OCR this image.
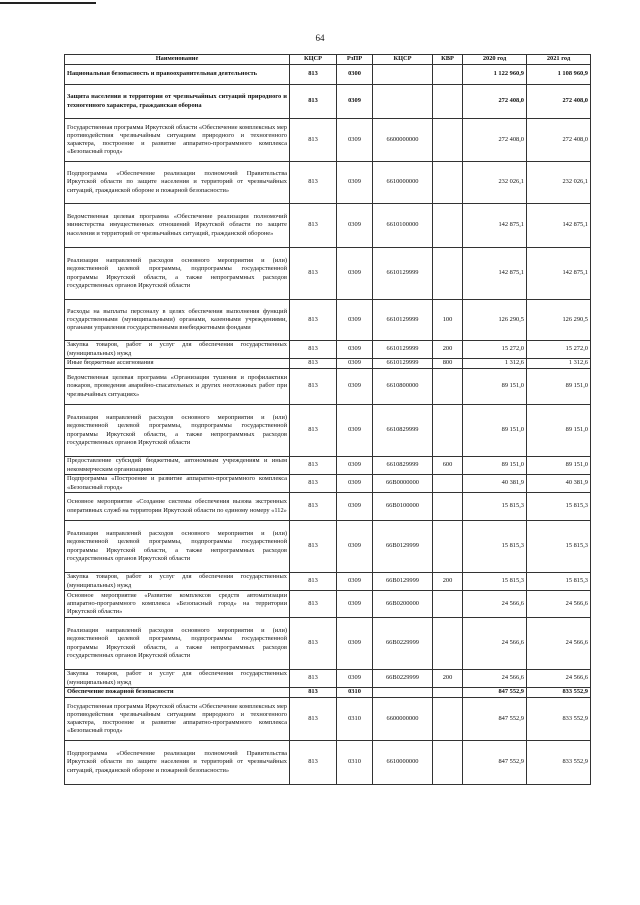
64
Наименование	КЦСР	РзПР	КЦСР	КВР	2020 год	2021 год
Национальная безопасность и правоохранительная деятельность	813	0300			1 122 960,9	1 108 960,9
Защита населения и территории от чрезвычайных ситуаций природного и техногенного характера, гражданская оборона	813	0309			272 408,0	272 408,0
Государственная программа Иркутской области «Обеспечение комплексных мер противодействия чрезвычайным ситуациям природного и техногенного характера, построение и развитие аппаратно-программного комплекса «Безопасный город»	813	0309	6600000000		272 408,0	272 408,0
Подпрограмма «Обеспечение реализации полномочий Правительства Иркутской области по защите населения и территорий от чрезвычайных ситуаций, гражданской обороне и пожарной безопасности»	813	0309	6610000000		232 026,1	232 026,1
Ведомственная целевая программа «Обеспечение реализации полномочий министерства имущественных отношений Иркутской области по защите населения и территорий от чрезвычайных ситуаций, гражданской обороне»	813	0309	6610100000		142 875,1	142 875,1
Реализация направлений расходов основного мероприятия и (или) ведомственной целевой программы, подпрограммы государственной программы Иркутской области, а также непрограммных расходов государственных органов Иркутской области	813	0309	6610129999		142 875,1	142 875,1
Расходы на выплаты персоналу в целях обеспечения выполнения функций государственными (муниципальными) органами, казенными учреждениями, органами управления государственными внебюджетными фондами	813	0309	6610129999	100	126 290,5	126 290,5
Закупка товаров, работ и услуг для обеспечения государственных (муниципальных) нужд	813	0309	6610129999	200	15 272,0	15 272,0
Иные бюджетные ассигнования	813	0309	6610129999	800	1 312,6	1 312,6
Ведомственная целевая программа «Организация тушения и профилактики пожаров, проведения аварийно-спасательных и других неотложных работ при чрезвычайных ситуациях»	813	0309	6610800000		89 151,0	89 151,0
Реализация направлений расходов основного мероприятия и (или) ведомственной целевой программы, подпрограммы государственной программы Иркутской области, а также непрограммных расходов государственных органов Иркутской области	813	0309	6610829999		89 151,0	89 151,0
Предоставление субсидий бюджетным, автономным учреждениям и иным некоммерческим организациям	813	0309	6610829999	600	89 151,0	89 151,0
Подпрограмма «Построение и развитие аппаратно-программного комплекса «Безопасный город»	813	0309	66В0000000		40 381,9	40 381,9
Основное мероприятие «Создание системы обеспечения вызова экстренных оперативных служб на территории Иркутской области по единому номеру «112»	813	0309	66В0100000		15 815,3	15 815,3
Реализация направлений расходов основного мероприятия и (или) ведомственной целевой программы, подпрограммы государственной программы Иркутской области, а также непрограммных расходов государственных органов Иркутской области	813	0309	66В0129999		15 815,3	15 815,3
Закупка товаров, работ и услуг для обеспечения государственных (муниципальных) нужд	813	0309	66В0129999	200	15 815,3	15 815,3
Основное мероприятие «Развитие комплексов средств автоматизации аппаратно-программного комплекса «Безопасный город» на территории Иркутской области»	813	0309	66В0200000		24 566,6	24 566,6
Реализация направлений расходов основного мероприятия и (или) ведомственной целевой программы, подпрограммы государственной программы Иркутской области, а также непрограммных расходов государственных органов Иркутской области	813	0309	66В0229999		24 566,6	24 566,6
Закупка товаров, работ и услуг для обеспечения государственных (муниципальных) нужд	813	0309	66В0229999	200	24 566,6	24 566,6
Обеспечение пожарной безопасности	813	0310			847 552,9	833 552,9
Государственная программа Иркутской области «Обеспечение комплексных мер противодействия чрезвычайным ситуациям природного и техногенного характера, построение и развитие аппаратно-программного комплекса «Безопасный город»	813	0310	6600000000		847 552,9	833 552,9
Подпрограмма «Обеспечение реализации полномочий Правительства Иркутской области по защите населения и территорий от чрезвычайных ситуаций, гражданской обороне и пожарной безопасности»	813	0310	6610000000		847 552,9	833 552,9
